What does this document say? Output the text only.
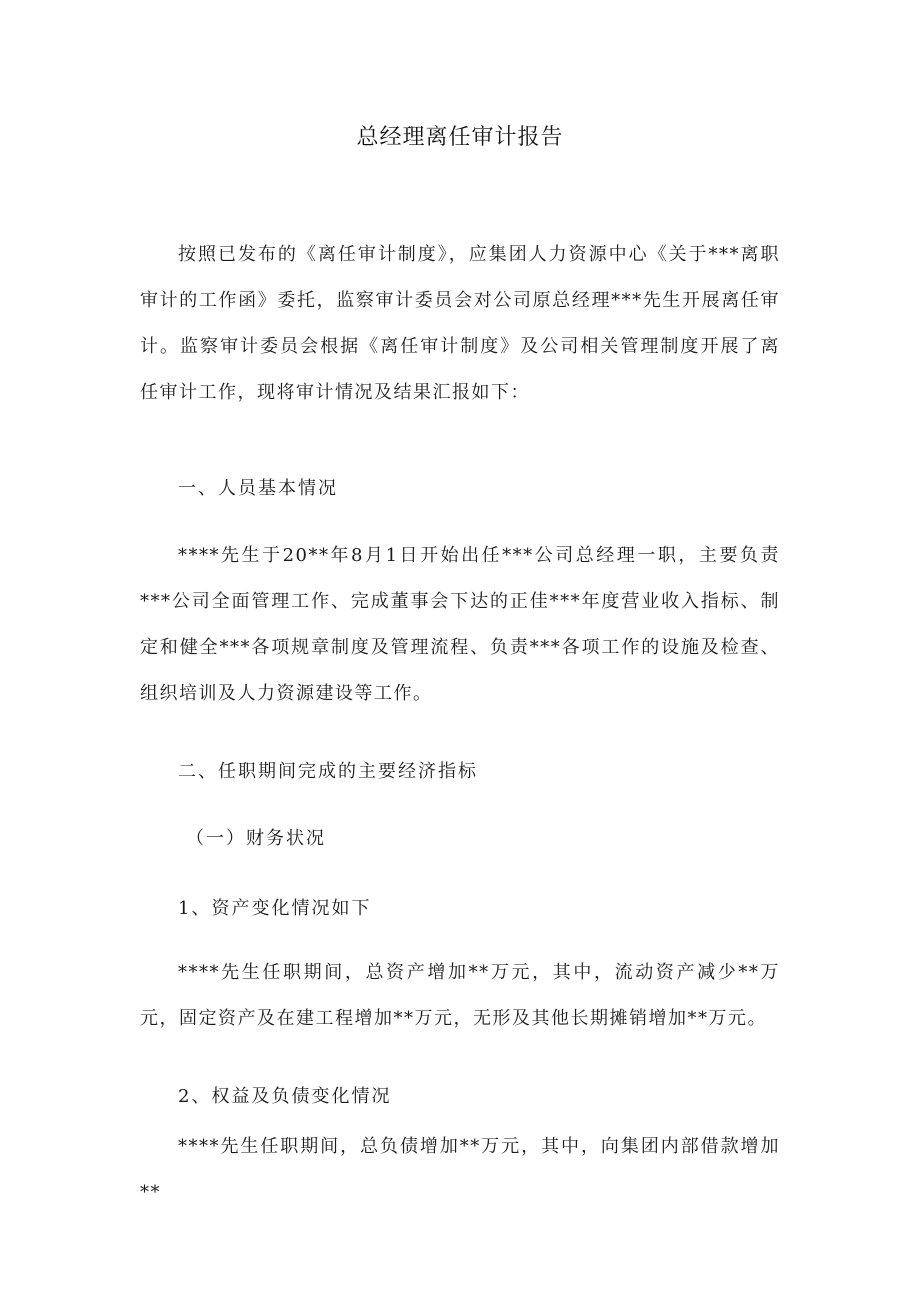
总经理离任审计报告

按照已发布的《离任审计制度》，应集团人力资源中心《关于***离职审计的工作函》委托，监察审计委员会对公司原总经理***先生开展离任审计。监察审计委员会根据《离任审计制度》及公司相关管理制度开展了离任审计工作，现将审计情况及结果汇报如下：

一、人员基本情况

****先生于20**年8月1日开始出任***公司总经理一职，主要负责***公司全面管理工作、完成董事会下达的正佳***年度营业收入指标、制定和健全***各项规章制度及管理流程、负责***各项工作的设施及检查、组织培训及人力资源建设等工作。

二、任职期间完成的主要经济指标

（一）财务状况

1、资产变化情况如下

****先生任职期间，总资产增加**万元，其中，流动资产减少**万元，固定资产及在建工程增加**万元，无形及其他长期摊销增加**万元。

2、权益及负债变化情况

****先生任职期间，总负债增加**万元，其中，向集团内部借款增加**
